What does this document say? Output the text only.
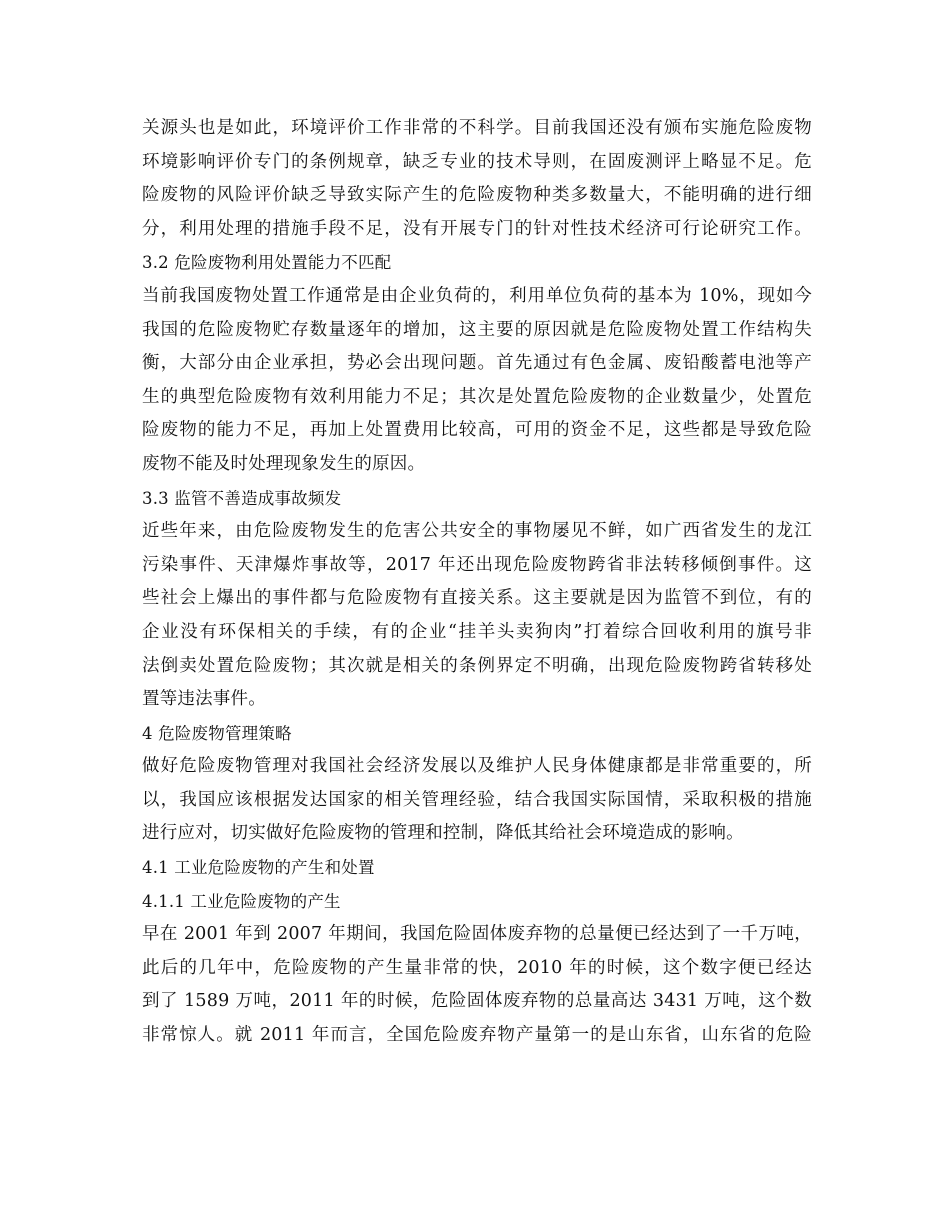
关源头也是如此，环境评价工作非常的不科学。目前我国还没有颁布实施危险废物
环境影响评价专门的条例规章，缺乏专业的技术导则，在固废测评上略显不足。危
险废物的风险评价缺乏导致实际产生的危险废物种类多数量大，不能明确的进行细
分，利用处理的措施手段不足，没有开展专门的针对性技术经济可行论研究工作。
3.2 危险废物利用处置能力不匹配
当前我国废物处置工作通常是由企业负荷的，利用单位负荷的基本为 10%，现如今
我国的危险废物贮存数量逐年的增加，这主要的原因就是危险废物处置工作结构失
衡，大部分由企业承担，势必会出现问题。首先通过有色金属、废铅酸蓄电池等产
生的典型危险废物有效利用能力不足；其次是处置危险废物的企业数量少，处置危
险废物的能力不足，再加上处置费用比较高，可用的资金不足，这些都是导致危险
废物不能及时处理现象发生的原因。
3.3 监管不善造成事故频发
近些年来，由危险废物发生的危害公共安全的事物屡见不鲜，如广西省发生的龙江
污染事件、天津爆炸事故等，2017 年还出现危险废物跨省非法转移倾倒事件。这
些社会上爆出的事件都与危险废物有直接关系。这主要就是因为监管不到位，有的
企业没有环保相关的手续，有的企业“挂羊头卖狗肉”打着综合回收利用的旗号非
法倒卖处置危险废物；其次就是相关的条例界定不明确，出现危险废物跨省转移处
置等违法事件。
4 危险废物管理策略
做好危险废物管理对我国社会经济发展以及维护人民身体健康都是非常重要的，所
以，我国应该根据发达国家的相关管理经验，结合我国实际国情，采取积极的措施
进行应对，切实做好危险废物的管理和控制，降低其给社会环境造成的影响。
4.1 工业危险废物的产生和处置
4.1.1 工业危险废物的产生
早在 2001 年到 2007 年期间，我国危险固体废弃物的总量便已经达到了一千万吨，
此后的几年中，危险废物的产生量非常的快，2010 年的时候，这个数字便已经达
到了 1589 万吨，2011 年的时候，危险固体废弃物的总量高达 3431 万吨，这个数
非常惊人。就 2011 年而言，全国危险废弃物产量第一的是山东省，山东省的危险
